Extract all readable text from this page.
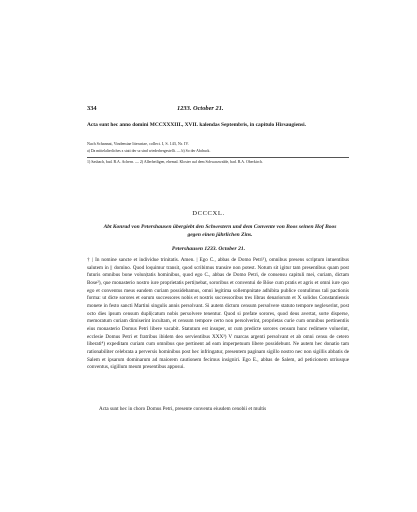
334	1233. October 21.
Acta sunt hec anno domini MCCXXXIII., XVII. kalendas Septembris, in capitulo Hirsaugiensi.
Nach Schannat, Vindemiae literariae, collect. I, S. 143, Nr. IV.
a) Da mittelalterliches z statt der sz sind wiederhergestellt. — b) So der Abdruck.
1) Sasbach, bad. B.A. Achern. — 2) Allerheiligen, ehemal. Kloster auf dem Schwarzwalde, bad. B.A. Oberkirch.
DCCCXL.
Abt Konrad von Petershausen übergiebt den Schwestern und dem Convente von Boos seinen Hof Boos gegen einen jährlichen Zins.
Petershausen 1233. October 21.

† | In nomine sancte et individue trinitatis. Amen. | Ego C., abbas de Domo Petri¹), omnibus presens scriptum intuentibus salutem in || domino. Quod loquimur transit, quod scribimus transire non potest. Notum sit igitur tam presentibus quam post futuris omnibus bone volun|tatis hominibus, quod ego C., abbas de Domo Petri, de consensu capituli mei, curiam, dictam Bose²), que monasterio nostro iure proprietatis perti|nebat, sororibus et conventui de Böse cum pratis et agris et omni iure quo ego et conventus meus eandem curiam possidebamus, omni legitima sollempnitate adhibita publice contulimus tali pactionis forma: ut dicte sorores et earum successores nobis et nostris successoribus tres libras denariorum et X solidos Constantiensis monete in festo sancti Martini singulis annis persolvant. Si autem dictum censum persolvere statuto tempore neglexerint, post octo dies ipsum censum dupli|catum nobis persolvere tenentur. Quod si prefate sorores, quod deus avertat, sorte disperse, memoratum curiam dimiserint incultam, et censum tempore certo non persolverint, proprietas curie cum omnibus pertinentiis eius monasterio Domus Petri libere vacabit. Statutum est insuper, ut cum predicte sorores censum hunc redimere voluerint, ecclesie Domus Petri et fratribus ibidem deo servientibus XXX³) V marcas argenti persolvant et ab omni censu de cetero liberati⁴) expeditam curiam cum omnibus que pertinent ad eam imperpetuum libere possidebunt. Ne autem hec donatio tam rationabiliter celebrata a perversis hominibus post hec infringatur, presentem paginam sigillo nostro nec non sigillis abbatis de Salem et ipsarum dominarum ad maiorem cautionem fecimus insigniri. Ego E., abbas de Salem, ad peticionem utriusque conventus, sigillum meum presentibus apposui.

Acta sunt hec in choro Domus Petri, presente conventu eiusdem cenobii et multis
